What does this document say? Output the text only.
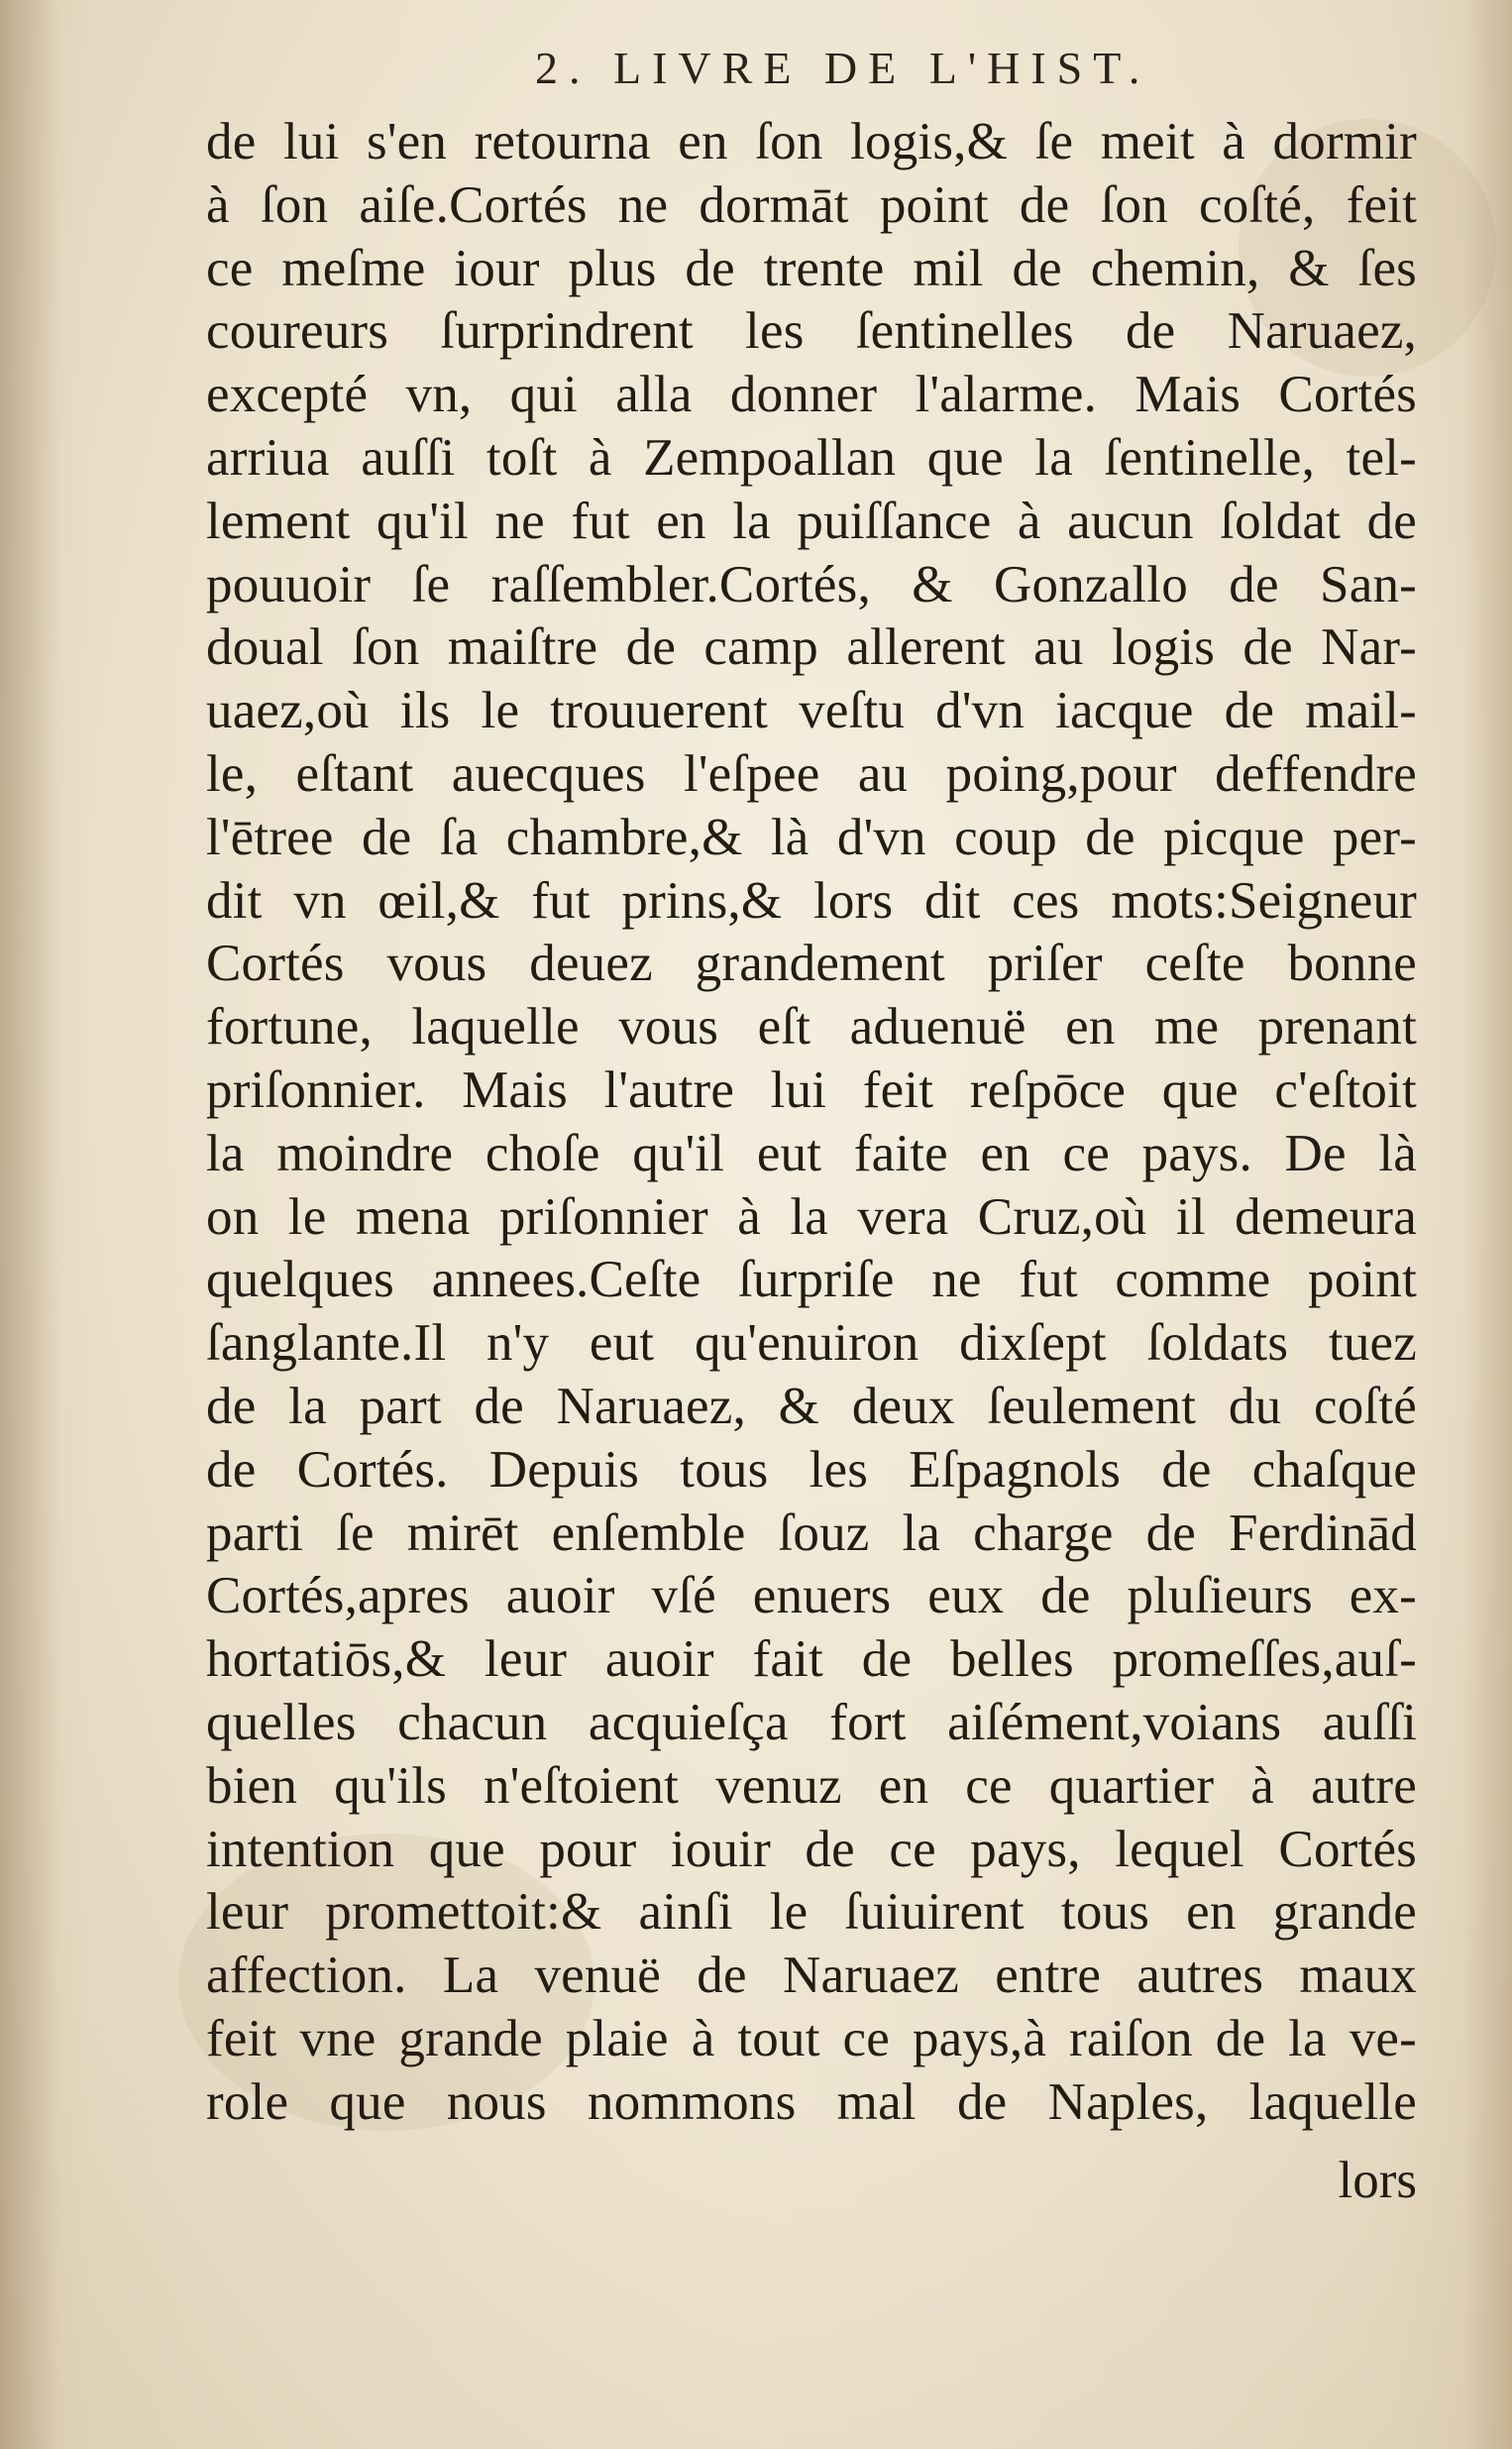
2. LIVRE DE L'HIST.
de lui s'en retourna en ſon logis,& ſe meit à dormir
à ſon aiſe.Cortés ne dormāt point de ſon coſté, feit
ce meſme iour plus de trente mil de chemin, & ſes
coureurs ſurprindrent les ſentinelles de Naruaez,
excepté vn, qui alla donner l'alarme. Mais Cortés
arriua auſſi toſt à Zempoallan que la ſentinelle, tel-
lement qu'il ne fut en la puiſſance à aucun ſoldat de
pouuoir ſe raſſembler.Cortés, & Gonzallo de San-
doual ſon maiſtre de camp allerent au logis de Nar-
uaez,où ils le trouuerent veſtu d'vn iacque de mail-
le, eſtant auecques l'eſpee au poing,pour deffendre
l'ētree de ſa chambre,& là d'vn coup de picque per-
dit vn œil,& fut prins,& lors dit ces mots:Seigneur
Cortés vous deuez grandement priſer ceſte bonne
fortune, laquelle vous eſt aduenuë en me prenant
priſonnier. Mais l'autre lui feit reſpōce que c'eſtoit
la moindre choſe qu'il eut faite en ce pays. De là
on le mena priſonnier à la vera Cruz,où il demeura
quelques annees.Ceſte ſurpriſe ne fut comme point
ſanglante.Il n'y eut qu'enuiron dixſept ſoldats tuez
de la part de Naruaez, & deux ſeulement du coſté
de Cortés. Depuis tous les Eſpagnols de chaſque
parti ſe mirēt enſemble ſouz la charge de Ferdinād
Cortés,apres auoir vſé enuers eux de pluſieurs ex-
hortatiōs,& leur auoir fait de belles promeſſes,auſ-
quelles chacun acquieſça fort aiſément,voians auſſi
bien qu'ils n'eſtoient venuz en ce quartier à autre
intention que pour iouir de ce pays, lequel Cortés
leur promettoit:& ainſi le ſuiuirent tous en grande
affection. La venuë de Naruaez entre autres maux
feit vne grande plaie à tout ce pays,à raiſon de la ve-
role que nous nommons mal de Naples, laquelle
lors
